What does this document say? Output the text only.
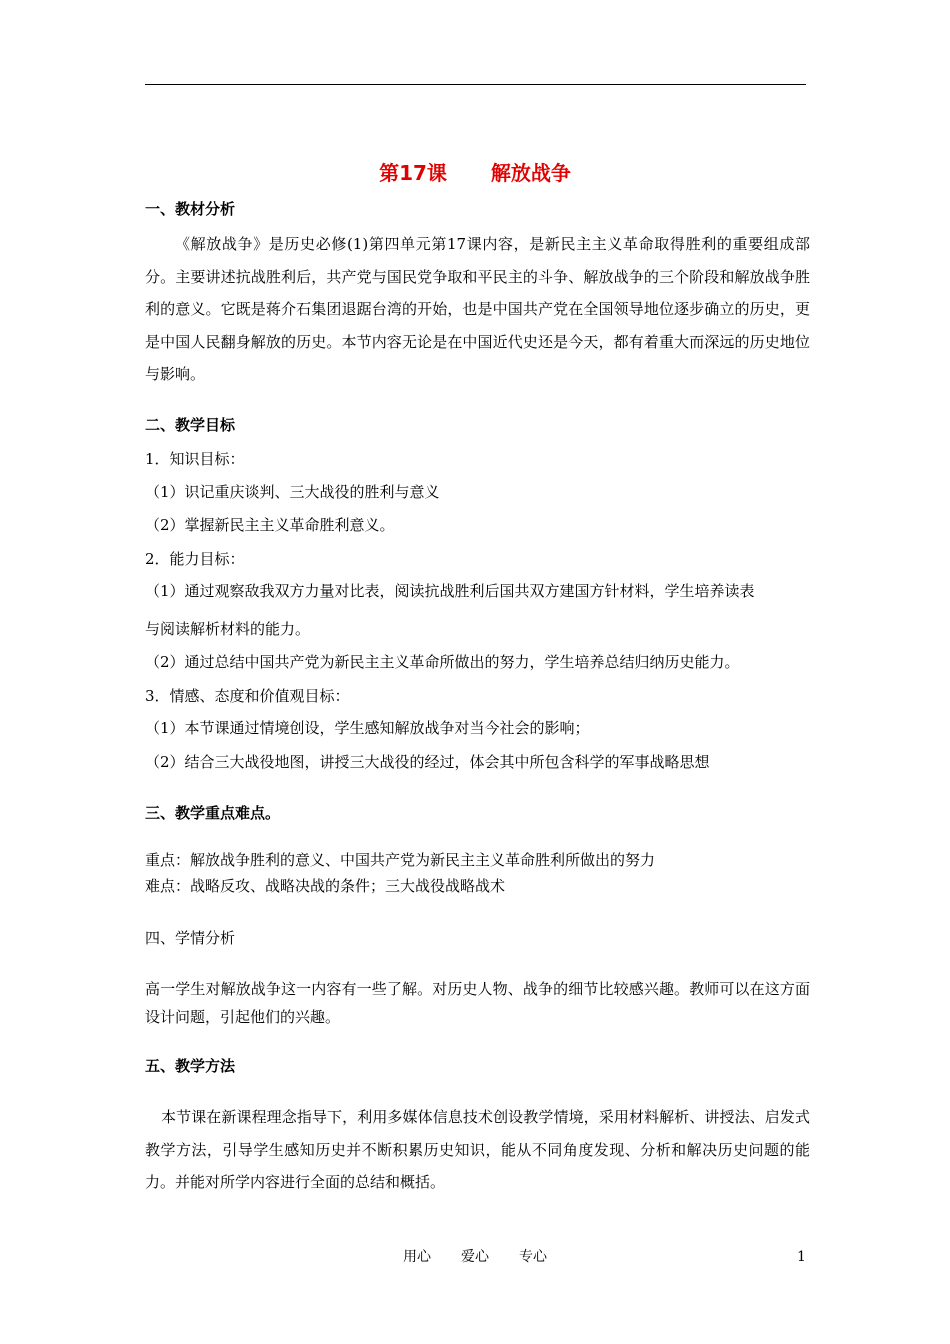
第17课 解放战争
一、教材分析
《解放战争》是历史必修(1)第四单元第17课内容，是新民主主义革命取得胜利的重要组成部分。主要讲述抗战胜利后，共产党与国民党争取和平民主的斗争、解放战争的三个阶段和解放战争胜利的意义。它既是蒋介石集团退踞台湾的开始，也是中国共产党在全国领导地位逐步确立的历史，更是中国人民翻身解放的历史。本节内容无论是在中国近代史还是今天，都有着重大而深远的历史地位与影响。
二、教学目标
1．知识目标：
（1）识记重庆谈判、三大战役的胜利与意义
（2）掌握新民主主义革命胜利意义。
2．能力目标：
（1）通过观察敌我双方力量对比表，阅读抗战胜利后国共双方建国方针材料，学生培养读表
与阅读解析材料的能力。
（2）通过总结中国共产党为新民主主义革命所做出的努力，学生培养总结归纳历史能力。
3．情感、态度和价值观目标：
（1）本节课通过情境创设，学生感知解放战争对当今社会的影响；
（2）结合三大战役地图，讲授三大战役的经过，体会其中所包含科学的军事战略思想
三、教学重点难点。
重点：解放战争胜利的意义、中国共产党为新民主主义革命胜利所做出的努力
难点：战略反攻、战略决战的条件；三大战役战略战术
四、学情分析
高一学生对解放战争这一内容有一些了解。对历史人物、战争的细节比较感兴趣。教师可以在这方面设计问题，引起他们的兴趣。
五、教学方法
本节课在新课程理念指导下，利用多媒体信息技术创设教学情境，采用材料解析、讲授法、启发式教学方法，引导学生感知历史并不断积累历史知识，能从不同角度发现、分析和解决历史问题的能力。并能对所学内容进行全面的总结和概括。
用心 爱心 专心	1
